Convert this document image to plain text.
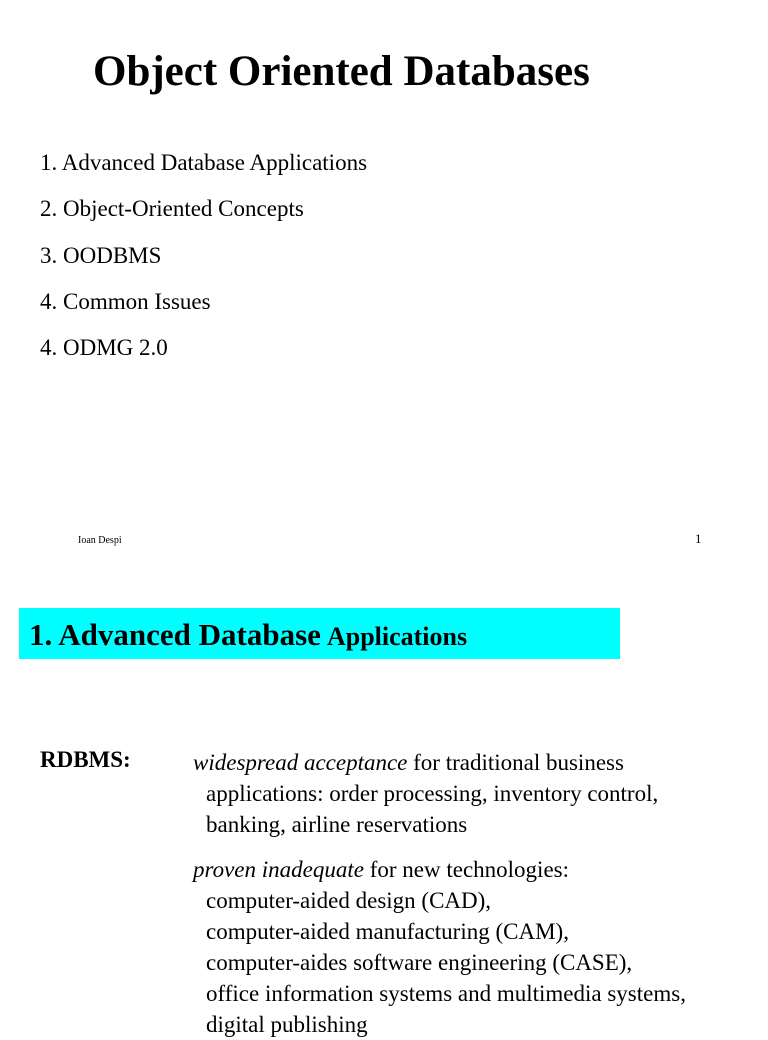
Object Oriented Databases
1. Advanced Database Applications
2. Object-Oriented Concepts
3. OODBMS
4. Common Issues
4. ODMG 2.0
Ioan Despi	1
1. Advanced Database Applications
RDBMS:	widespread acceptance for traditional business
applications: order processing, inventory control,
banking, airline reservations

proven inadequate for new technologies:
computer-aided design (CAD),
computer-aided manufacturing (CAM),
computer-aides software engineering (CASE),
office information systems and multimedia systems,
digital publishing
